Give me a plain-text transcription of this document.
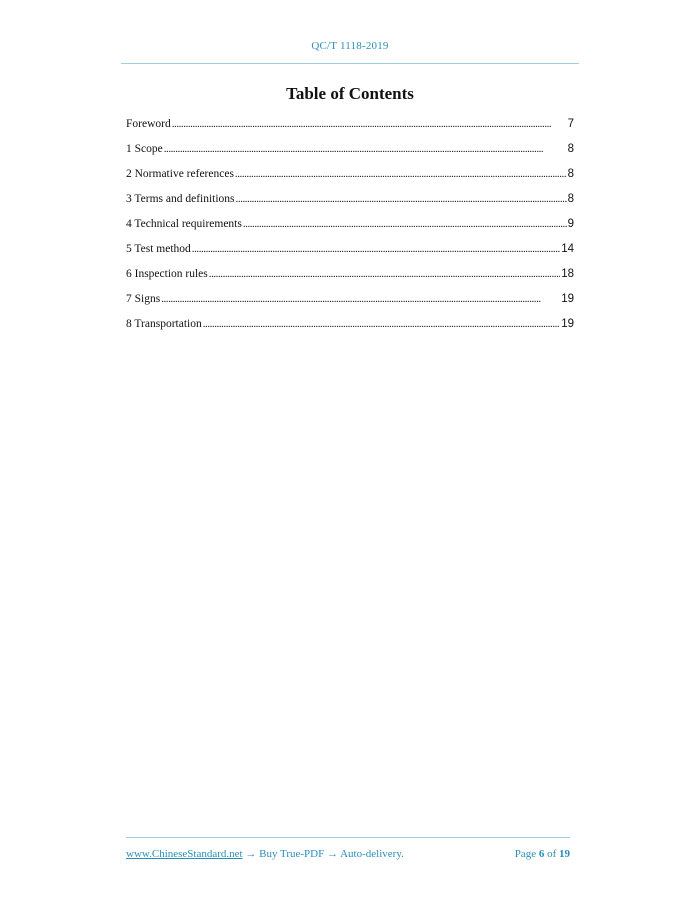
QC/T 1118-2019
Table of Contents
Foreword . . .	7
1 Scope . . .	8
2 Normative references . . .	8
3 Terms and definitions . . .	8
4 Technical requirements . . .	9
5 Test method . . .	14
6 Inspection rules . . .	18
7 Signs . . .	19
8 Transportation . . .	19
www.ChineseStandard.net → Buy True-PDF → Auto-delivery.	Page 6 of 19
